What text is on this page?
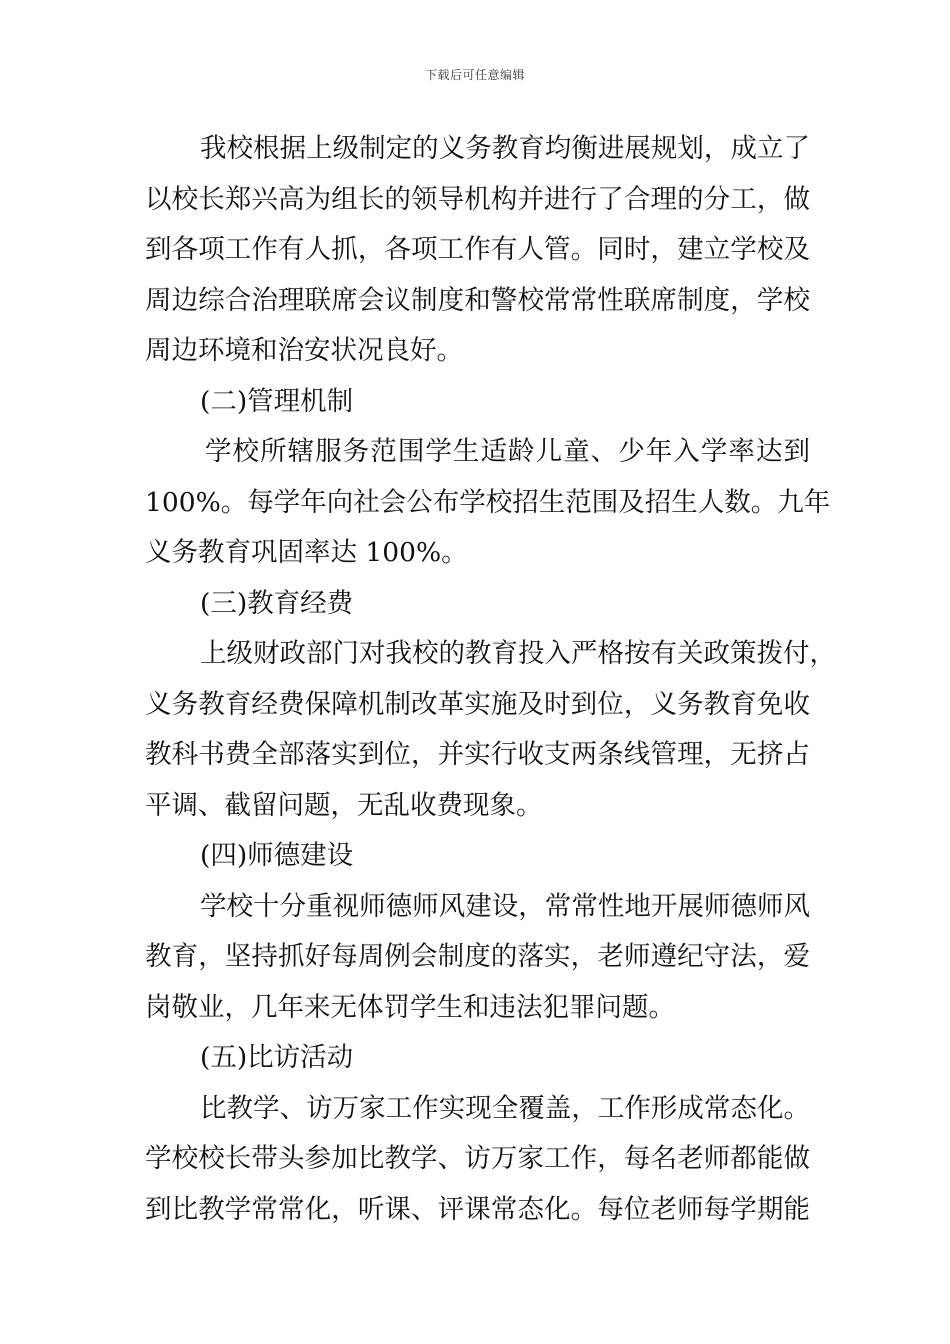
下载后可任意编辑
我校根据上级制定的义务教育均衡进展规划，成立了
以校长郑兴高为组长的领导机构并进行了合理的分工，做
到各项工作有人抓，各项工作有人管。同时，建立学校及
周边综合治理联席会议制度和警校常常性联席制度，学校
周边环境和治安状况良好。
(二)管理机制
学校所辖服务范围学生适龄儿童、少年入学率达到
100%。每学年向社会公布学校招生范围及招生人数。九年
义务教育巩固率达 100%。
(三)教育经费
上级财政部门对我校的教育投入严格按有关政策拨付，
义务教育经费保障机制改革实施及时到位，义务教育免收
教科书费全部落实到位，并实行收支两条线管理，无挤占
平调、截留问题，无乱收费现象。
(四)师德建设
学校十分重视师德师风建设，常常性地开展师德师风
教育，坚持抓好每周例会制度的落实，老师遵纪守法，爱
岗敬业，几年来无体罚学生和违法犯罪问题。
(五)比访活动
比教学、访万家工作实现全覆盖，工作形成常态化。
学校校长带头参加比教学、访万家工作，每名老师都能做
到比教学常常化，听课、评课常态化。每位老师每学期能
